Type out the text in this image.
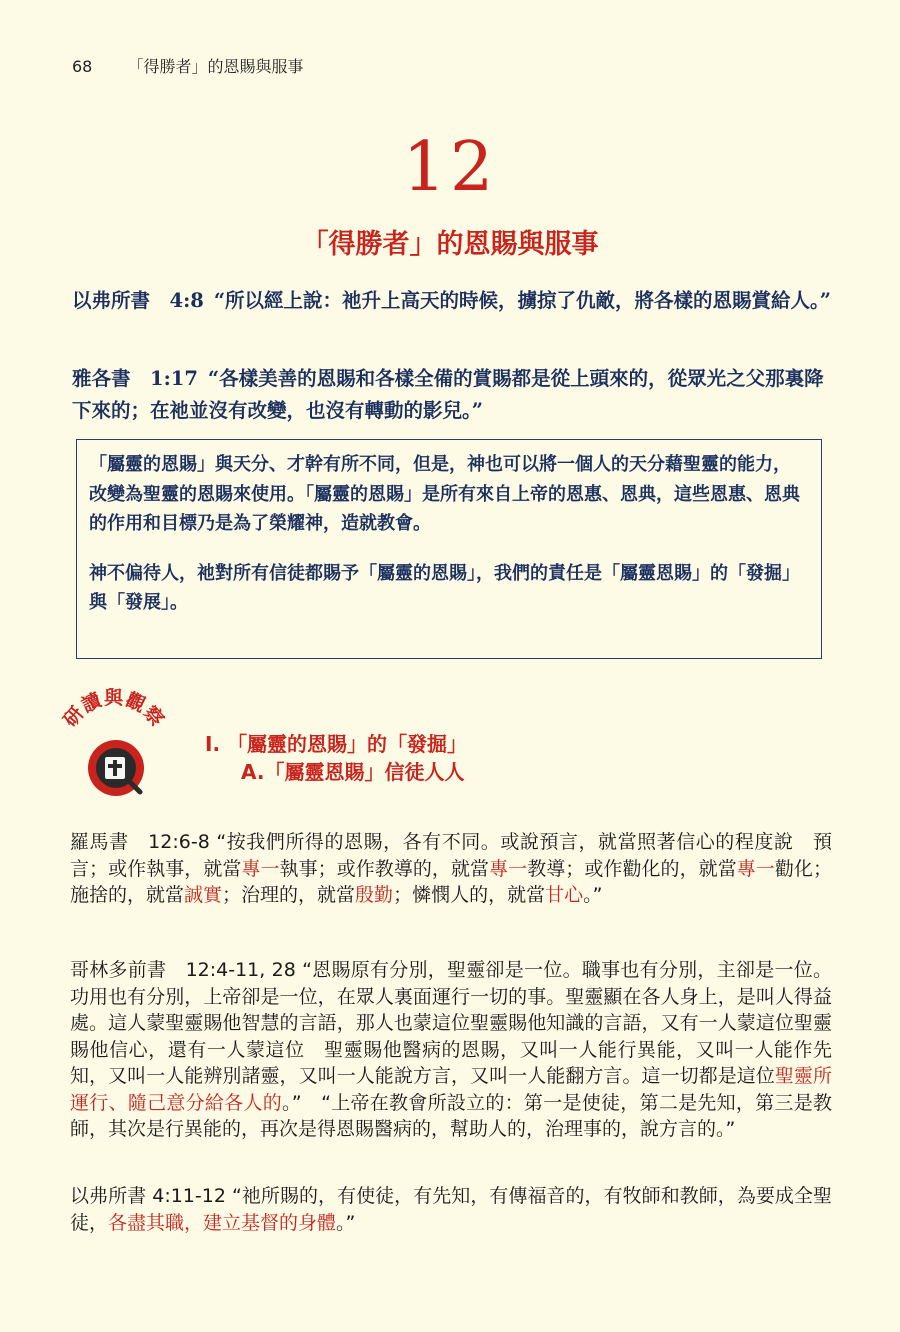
68 「得勝者」的恩賜與服事
12
「得勝者」的恩賜與服事
以弗所書　4:8 “所以經上說：祂升上高天的時候，擄掠了仇敵，將各樣的恩賜賞給人。”
雅各書　1:17 “各樣美善的恩賜和各樣全備的賞賜都是從上頭來的，從眾光之父那裏降下來的；在祂並沒有改變，也沒有轉動的影兒。”

「屬靈的恩賜」與天分、才幹有所不同，但是，神也可以將一個人的天分藉聖靈的能力，改變為聖靈的恩賜來使用。「屬靈的恩賜」是所有來自上帝的恩惠、恩典，這些恩惠、恩典的作用和目標乃是為了榮耀神，造就教會。

神不偏待人，祂對所有信徒都賜予「屬靈的恩賜」，我們的責任是「屬靈恩賜」的「發掘」與「發展」。

研讀與觀察
I. 「屬靈的恩賜」的「發掘」
A.「屬靈恩賜」信徒人人
羅馬書　12:6-8 “按我們所得的恩賜，各有不同。或說預言，就當照著信心的程度說　預言；或作執事，就當專一執事；或作教導的，就當專一教導；或作勸化的，就當專一勸化；施捨的，就當誠實；治理的，就當殷勤；憐憫人的，就當甘心。”
哥林多前書　12:4-11, 28 “恩賜原有分別，聖靈卻是一位。職事也有分別，主卻是一位。功用也有分別，上帝卻是一位，在眾人裏面運行一切的事。聖靈顯在各人身上，是叫人得益處。這人蒙聖靈賜他智慧的言語，那人也蒙這位聖靈賜他知識的言語，又有一人蒙這位聖靈賜他信心，還有一人蒙這位　聖靈賜他醫病的恩賜，又叫一人能行異能，又叫一人能作先知，又叫一人能辨別諸靈，又叫一人能說方言，又叫一人能翻方言。這一切都是這位聖靈所運行、隨己意分給各人的。”　“上帝在教會所設立的：第一是使徒，第二是先知，第三是教師，其次是行異能的，再次是得恩賜醫病的，幫助人的，治理事的，說方言的。”
以弗所書 4:11-12 “祂所賜的，有使徒，有先知，有傳福音的，有牧師和教師，為要成全聖徒，各盡其職，建立基督的身體。”
